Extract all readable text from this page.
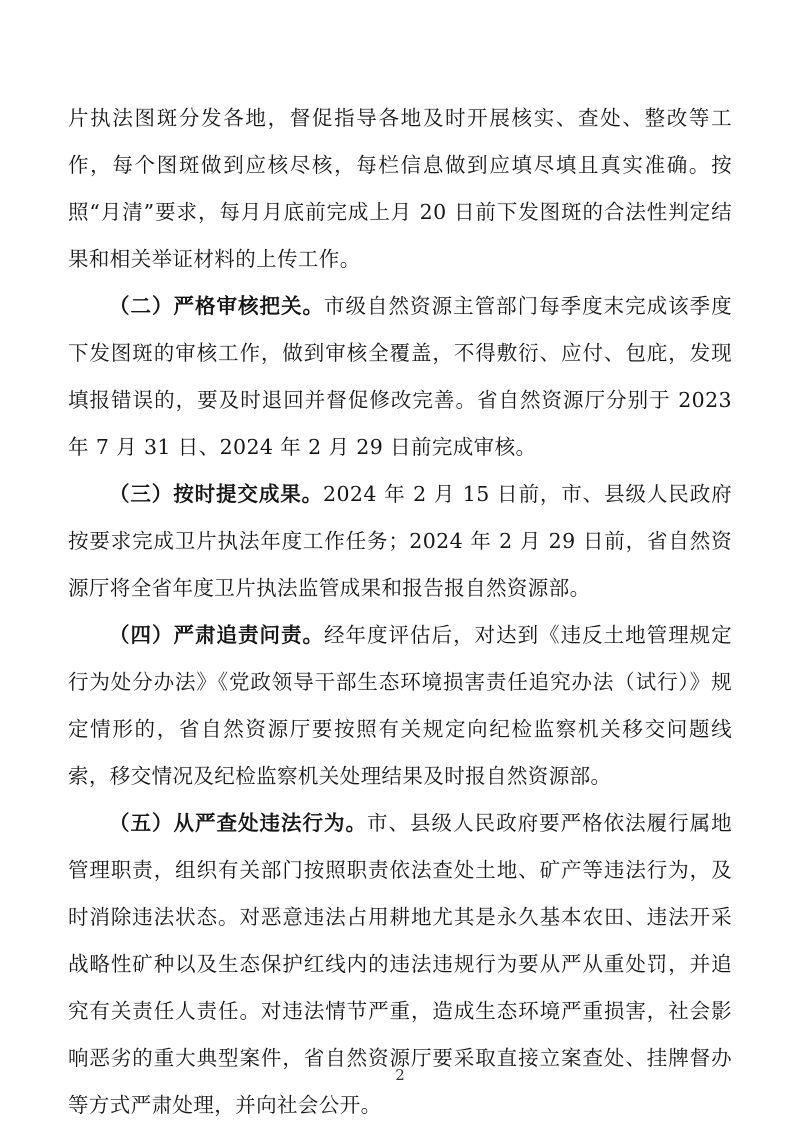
片执法图斑分发各地，督促指导各地及时开展核实、查处、整改等工作，每个图斑做到应核尽核，每栏信息做到应填尽填且真实准确。按照“月清”要求，每月月底前完成上月 20 日前下发图斑的合法性判定结果和相关举证材料的上传工作。

（二）严格审核把关。市级自然资源主管部门每季度末完成该季度下发图斑的审核工作，做到审核全覆盖，不得敷衍、应付、包庇，发现填报错误的，要及时退回并督促修改完善。省自然资源厅分别于 2023 年 7 月 31 日、2024 年 2 月 29 日前完成审核。

（三）按时提交成果。2024 年 2 月 15 日前，市、县级人民政府按要求完成卫片执法年度工作任务；2024 年 2 月 29 日前，省自然资源厅将全省年度卫片执法监管成果和报告报自然资源部。

（四）严肃追责问责。经年度评估后，对达到《违反土地管理规定行为处分办法》《党政领导干部生态环境损害责任追究办法（试行）》规定情形的，省自然资源厅要按照有关规定向纪检监察机关移交问题线索，移交情况及纪检监察机关处理结果及时报自然资源部。

（五）从严查处违法行为。市、县级人民政府要严格依法履行属地管理职责，组织有关部门按照职责依法查处土地、矿产等违法行为，及时消除违法状态。对恶意违法占用耕地尤其是永久基本农田、违法开采战略性矿种以及生态保护红线内的违法违规行为要从严从重处罚，并追究有关责任人责任。对违法情节严重，造成生态环境严重损害，社会影响恶劣的重大典型案件，省自然资源厅要采取直接立案查处、挂牌督办等方式严肃处理，并向社会公开。

2
